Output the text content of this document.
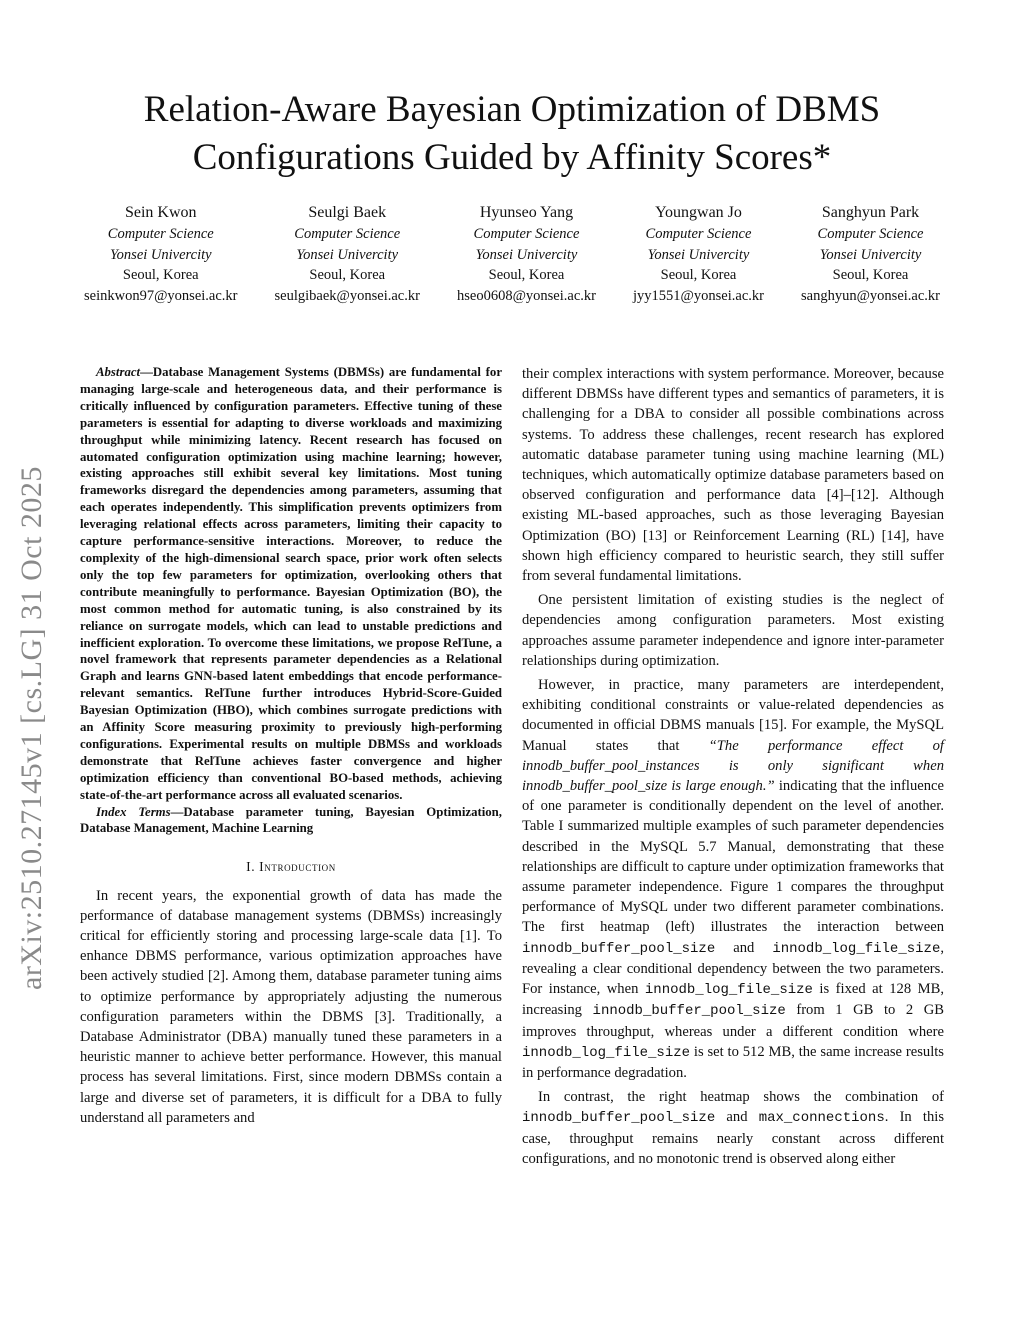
arXiv:2510.27145v1 [cs.LG] 31 Oct 2025
Relation-Aware Bayesian Optimization of DBMS Configurations Guided by Affinity Scores*
Sein Kwon
Computer Science
Yonsei Univercity
Seoul, Korea
seinkwon97@yonsei.ac.kr
Seulgi Baek
Computer Science
Yonsei Univercity
Seoul, Korea
seulgibaek@yonsei.ac.kr
Hyunseo Yang
Computer Science
Yonsei Univercity
Seoul, Korea
hseo0608@yonsei.ac.kr
Youngwan Jo
Computer Science
Yonsei Univercity
Seoul, Korea
jyy1551@yonsei.ac.kr
Sanghyun Park
Computer Science
Yonsei Univercity
Seoul, Korea
sanghyun@yonsei.ac.kr

Abstract—Database Management Systems (DBMSs) are fundamental for managing large-scale and heterogeneous data, and their performance is critically influenced by configuration parameters. Effective tuning of these parameters is essential for adapting to diverse workloads and maximizing throughput while minimizing latency. Recent research has focused on automated configuration optimization using machine learning; however, existing approaches still exhibit several key limitations. Most tuning frameworks disregard the dependencies among parameters, assuming that each operates independently. This simplification prevents optimizers from leveraging relational effects across parameters, limiting their capacity to capture performance-sensitive interactions. Moreover, to reduce the complexity of the high-dimensional search space, prior work often selects only the top few parameters for optimization, overlooking others that contribute meaningfully to performance. Bayesian Optimization (BO), the most common method for automatic tuning, is also constrained by its reliance on surrogate models, which can lead to unstable predictions and inefficient exploration. To overcome these limitations, we propose RelTune, a novel framework that represents parameter dependencies as a Relational Graph and learns GNN-based latent embeddings that encode performance-relevant semantics. RelTune further introduces Hybrid-Score-Guided Bayesian Optimization (HBO), which combines surrogate predictions with an Affinity Score measuring proximity to previously high-performing configurations. Experimental results on multiple DBMSs and workloads demonstrate that RelTune achieves faster convergence and higher optimization efficiency than conventional BO-based methods, achieving state-of-the-art performance across all evaluated scenarios.

Index Terms—Database parameter tuning, Bayesian Optimization, Database Management, Machine Learning

I. Introduction

In recent years, the exponential growth of data has made the performance of database management systems (DBMSs) increasingly critical for efficiently storing and processing large-scale data [1]. To enhance DBMS performance, various optimization approaches have been actively studied [2]. Among them, database parameter tuning aims to optimize performance by appropriately adjusting the numerous configuration parameters within the DBMS [3]. Traditionally, a Database Administrator (DBA) manually tuned these parameters in a heuristic manner to achieve better performance. However, this manual process has several limitations. First, since modern DBMSs contain a large and diverse set of parameters, it is difficult for a DBA to fully understand all parameters and

their complex interactions with system performance. Moreover, because different DBMSs have different types and semantics of parameters, it is challenging for a DBA to consider all possible combinations across systems. To address these challenges, recent research has explored automatic database parameter tuning using machine learning (ML) techniques, which automatically optimize database parameters based on observed configuration and performance data [4]–[12]. Although existing ML-based approaches, such as those leveraging Bayesian Optimization (BO) [13] or Reinforcement Learning (RL) [14], have shown high efficiency compared to heuristic search, they still suffer from several fundamental limitations.

One persistent limitation of existing studies is the neglect of dependencies among configuration parameters. Most existing approaches assume parameter independence and ignore inter-parameter relationships during optimization.

However, in practice, many parameters are interdependent, exhibiting conditional constraints or value-related dependencies as documented in official DBMS manuals [15]. For example, the MySQL Manual states that “The performance effect of innodb_buffer_pool_instances is only significant when innodb_buffer_pool_size is large enough.” indicating that the influence of one parameter is conditionally dependent on the level of another. Table I summarized multiple examples of such parameter dependencies described in the MySQL 5.7 Manual, demonstrating that these relationships are difficult to capture under optimization frameworks that assume parameter independence. Figure 1 compares the throughput performance of MySQL under two different parameter combinations. The first heatmap (left) illustrates the interaction between innodb_buffer_pool_size and innodb_log_file_size, revealing a clear conditional dependency between the two parameters. For instance, when innodb_log_file_size is fixed at 128 MB, increasing innodb_buffer_pool_size from 1 GB to 2 GB improves throughput, whereas under a different condition where innodb_log_file_size is set to 512 MB, the same increase results in performance degradation.

In contrast, the right heatmap shows the combination of innodb_buffer_pool_size and max_connections. In this case, throughput remains nearly constant across different configurations, and no monotonic trend is observed along either
